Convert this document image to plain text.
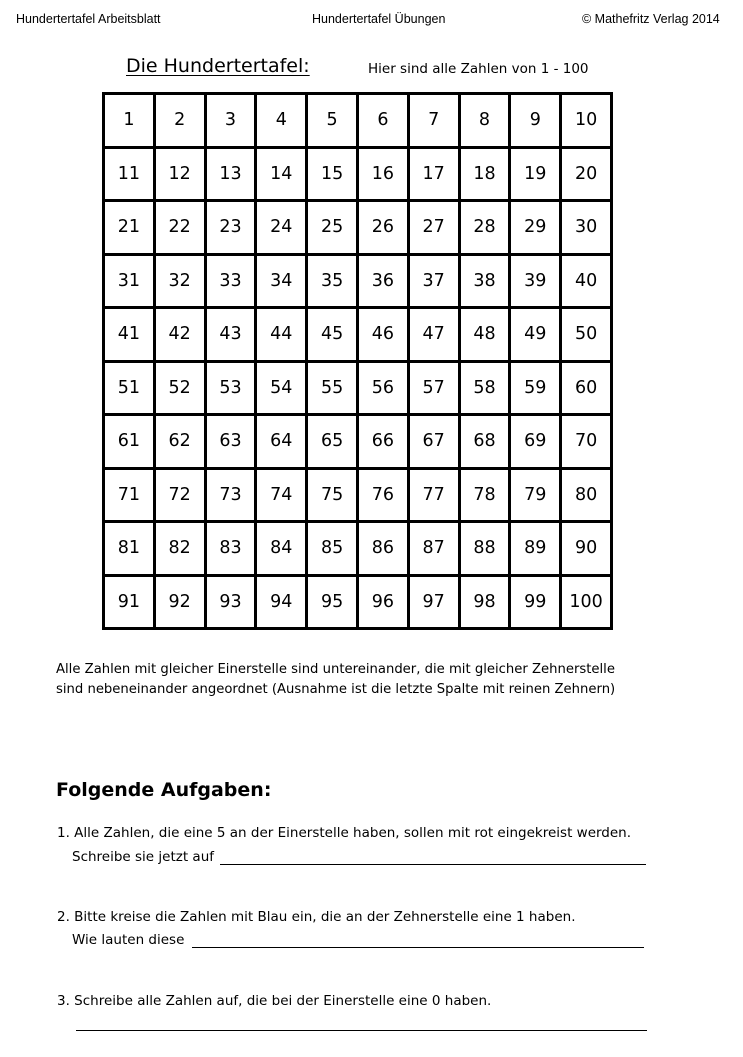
Hundertertafel Arbeitsblatt	Hundertertafel Übungen	© Mathefritz Verlag 2014
Die Hundertertafel:	Hier sind alle Zahlen von 1 - 100
1	2	3	4	5	6	7	8	9	10
11	12	13	14	15	16	17	18	19	20
21	22	23	24	25	26	27	28	29	30
31	32	33	34	35	36	37	38	39	40
41	42	43	44	45	46	47	48	49	50
51	52	53	54	55	56	57	58	59	60
61	62	63	64	65	66	67	68	69	70
71	72	73	74	75	76	77	78	79	80
81	82	83	84	85	86	87	88	89	90
91	92	93	94	95	96	97	98	99	100
Alle Zahlen mit gleicher Einerstelle sind untereinander, die mit gleicher Zehnerstelle
sind nebeneinander angeordnet (Ausnahme ist die letzte Spalte mit reinen Zehnern)
Folgende Aufgaben:
1. Alle Zahlen, die eine 5 an der Einerstelle haben, sollen mit rot eingekreist werden.
Schreibe sie jetzt auf
2. Bitte kreise die Zahlen mit Blau ein, die an der Zehnerstelle eine 1 haben.
Wie lauten diese
3. Schreibe alle Zahlen auf, die bei der Einerstelle eine 0 haben.
